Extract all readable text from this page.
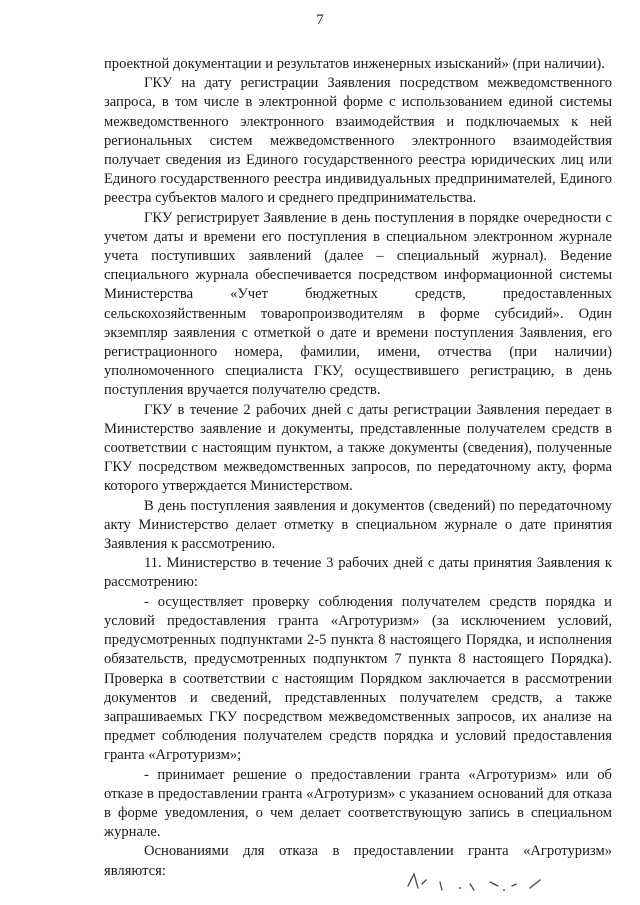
7

проектной документации и результатов инженерных изысканий» (при наличии).

ГКУ на дату регистрации Заявления посредством межведомственного запроса, в том числе в электронной форме с использованием единой системы межведомственного электронного взаимодействия и подключаемых к ней региональных систем межведомственного электронного взаимодействия получает сведения из Единого государственного реестра юридических лиц или Единого государственного реестра индивидуальных предпринимателей, Единого реестра субъектов малого и среднего предпринимательства.

ГКУ регистрирует Заявление в день поступления в порядке очередности с учетом даты и времени его поступления в специальном электронном журнале учета поступивших заявлений (далее – специальный журнал). Ведение специального журнала обеспечивается посредством информационной системы Министерства «Учет бюджетных средств, предоставленных сельскохозяйственным товаропроизводителям в форме субсидий». Один экземпляр заявления с отметкой о дате и времени поступления Заявления, его регистрационного номера, фамилии, имени, отчества (при наличии) уполномоченного специалиста ГКУ, осуществившего регистрацию, в день поступления вручается получателю средств.

ГКУ в течение 2 рабочих дней с даты регистрации Заявления передает в Министерство заявление и документы, представленные получателем средств в соответствии с настоящим пунктом, а также документы (сведения), полученные ГКУ посредством межведомственных запросов, по передаточному акту, форма которого утверждается Министерством.

В день поступления заявления и документов (сведений) по передаточному акту Министерство делает отметку в специальном журнале о дате принятия Заявления к рассмотрению.

11. Министерство в течение 3 рабочих дней с даты принятия Заявления к рассмотрению:

- осуществляет проверку соблюдения получателем средств порядка и условий предоставления гранта «Агротуризм» (за исключением условий, предусмотренных подпунктами 2-5 пункта 8 настоящего Порядка, и исполнения обязательств, предусмотренных подпунктом 7 пункта 8 настоящего Порядка). Проверка в соответствии с настоящим Порядком заключается в рассмотрении документов и сведений, представленных получателем средств, а также запрашиваемых ГКУ посредством межведомственных запросов, их анализе на предмет соблюдения получателем средств порядка и условий предоставления гранта «Агротуризм»;

- принимает решение о предоставлении гранта «Агротуризм» или об отказе в предоставлении гранта «Агротуризм» с указанием оснований для отказа в форме уведомления, о чем делает соответствующую запись в специальном журнале.

Основаниями для отказа в предоставлении гранта «Агротуризм» являются:
